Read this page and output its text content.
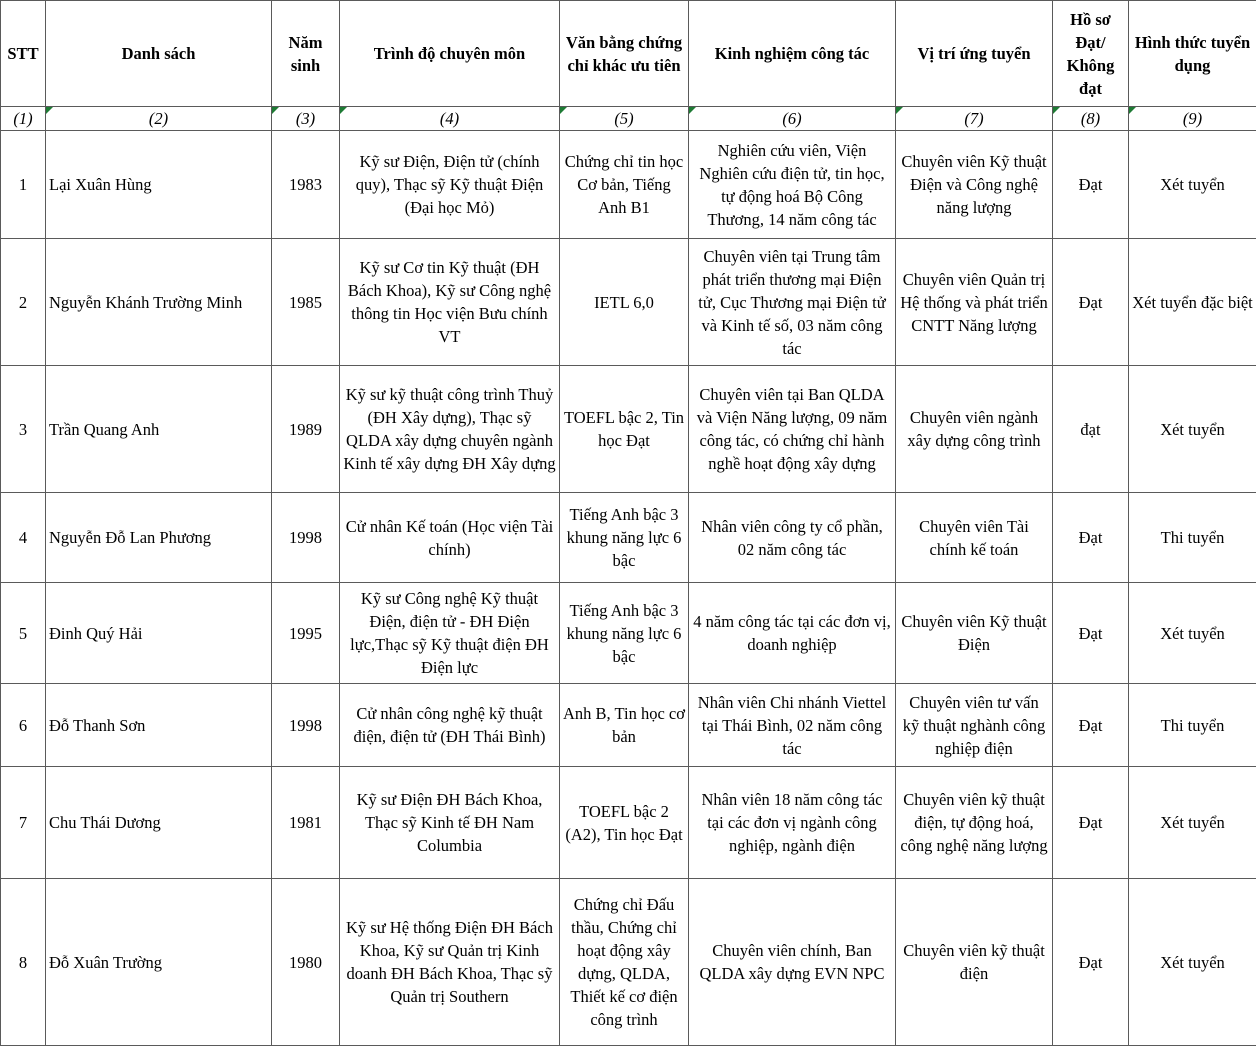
STT	Danh sách	Năm sinh	Trình độ chuyên môn	Văn bằng chứng chỉ khác ưu tiên	Kinh nghiệm công tác	Vị trí ứng tuyển	Hồ sơ Đạt/ Không đạt	Hình thức tuyển dụng
(1)	(2)	(3)	(4)	(5)	(6)	(7)	(8)	(9)
1	Lại Xuân Hùng	1983	Kỹ sư Điện, Điện tử (chính quy), Thạc sỹ Kỹ thuật Điện (Đại học Mỏ)	Chứng chỉ tin học Cơ bản, Tiếng Anh B1	Nghiên cứu viên, Viện Nghiên cứu điện tử, tin học, tự động hoá Bộ Công Thương, 14 năm công tác	Chuyên viên Kỹ thuật Điện và Công nghệ năng lượng	Đạt	Xét tuyển
2	Nguyễn Khánh Trường Minh	1985	Kỹ sư Cơ tin Kỹ thuật (ĐH Bách Khoa), Kỹ sư Công nghệ thông tin Học viện Bưu chính VT	IETL 6,0	Chuyên viên tại Trung tâm phát triển thương mại Điện tử, Cục Thương mại Điện tử và Kinh tế số, 03 năm công tác	Chuyên viên Quản trị Hệ thống và phát triển CNTT Năng lượng	Đạt	Xét tuyển đặc biệt
3	Trần Quang Anh	1989	Kỹ sư kỹ thuật công trình Thuỷ (ĐH Xây dựng), Thạc sỹ QLDA xây dựng chuyên ngành Kinh tế xây dựng ĐH Xây dựng	TOEFL bậc 2, Tin học Đạt	Chuyên viên tại Ban QLDA và Viện Năng lượng, 09 năm công tác, có chứng chỉ hành nghề hoạt động xây dựng	Chuyên viên ngành xây dựng công trình	đạt	Xét tuyển
4	Nguyễn Đỗ Lan Phương	1998	Cử nhân Kế toán (Học viện Tài chính)	Tiếng Anh bậc 3 khung năng lực 6 bậc	Nhân viên công ty cổ phần, 02 năm công tác	Chuyên viên Tài chính kế toán	Đạt	Thi tuyển
5	Đinh Quý Hải	1995	Kỹ sư Công nghệ Kỹ thuật Điện, điện tử - ĐH Điện lực,Thạc sỹ Kỹ thuật điện ĐH Điện lực	Tiếng Anh bậc 3 khung năng lực 6 bậc	4 năm công tác tại các đơn vị, doanh nghiệp	Chuyên viên Kỹ thuật Điện	Đạt	Xét tuyển
6	Đỗ Thanh Sơn	1998	Cử nhân công nghệ kỹ thuật điện, điện tử (ĐH Thái Bình)	Anh B, Tin học cơ bản	Nhân viên Chi nhánh Viettel tại Thái Bình, 02 năm công tác	Chuyên viên tư vấn kỹ thuật nghành công nghiệp điện	Đạt	Thi tuyển
7	Chu Thái Dương	1981	Kỹ sư Điện ĐH Bách Khoa, Thạc sỹ Kinh tế ĐH Nam Columbia	TOEFL bậc 2 (A2), Tin học Đạt	Nhân viên 18 năm công tác tại các đơn vị ngành công nghiệp, ngành điện	Chuyên viên kỹ thuật điện, tự động hoá, công nghệ năng lượng	Đạt	Xét tuyển
8	Đỗ Xuân Trường	1980	Kỹ sư Hệ thống Điện ĐH Bách Khoa, Kỹ sư Quản trị Kinh doanh ĐH Bách Khoa, Thạc sỹ Quản trị Southern	Chứng chỉ Đấu thầu, Chứng chỉ hoạt động xây dựng, QLDA, Thiết kế cơ điện công trình	Chuyên viên chính, Ban QLDA xây dựng EVN NPC	Chuyên viên kỹ thuật điện	Đạt	Xét tuyển
